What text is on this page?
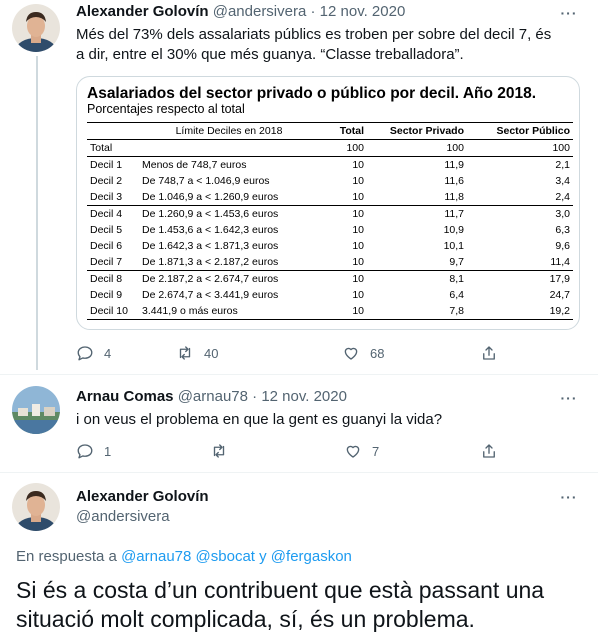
Alexander Golovín @andersivera · 12 nov. 2020	···
Més del 73% dels assalariats públics es troben per sobre del decil 7, és
a dir, entre el 30% que més guanya. “Classe treballadora”.
Asalariados del sector privado o público por decil. Año 2018.
Porcentajes respecto al total
	Límite Deciles en 2018	Total	Sector Privado	Sector Público
Total		100	100	100
Decil 1	Menos de 748,7 euros	10	11,9	2,1
Decil 2	De 748,7 a < 1.046,9 euros	10	11,6	3,4
Decil 3	De 1.046,9 a < 1.260,9 euros	10	11,8	2,4
Decil 4	De 1.260,9 a < 1.453,6 euros	10	11,7	3,0
Decil 5	De 1.453,6 a < 1.642,3 euros	10	10,9	6,3
Decil 6	De 1.642,3 a < 1.871,3 euros	10	10,1	9,6
Decil 7	De 1.871,3 a < 2.187,2 euros	10	9,7	11,4
Decil 8	De 2.187,2 a < 2.674,7 euros	10	8,1	17,9
Decil 9	De 2.674,7 a < 3.441,9 euros	10	6,4	24,7
Decil 10	3.441,9 o más euros	10	7,8	19,2
4	40	68
Arnau Comas @arnau78 · 12 nov. 2020	···
i on veus el problema en que la gent es guanyi la vida?
1	7
Alexander Golovín
@andersivera
···
En respuesta a @arnau78 @sbocat y @fergaskon
Si és a costa d’un contribuent que està passant una
situació molt complicada, sí, és un problema.
